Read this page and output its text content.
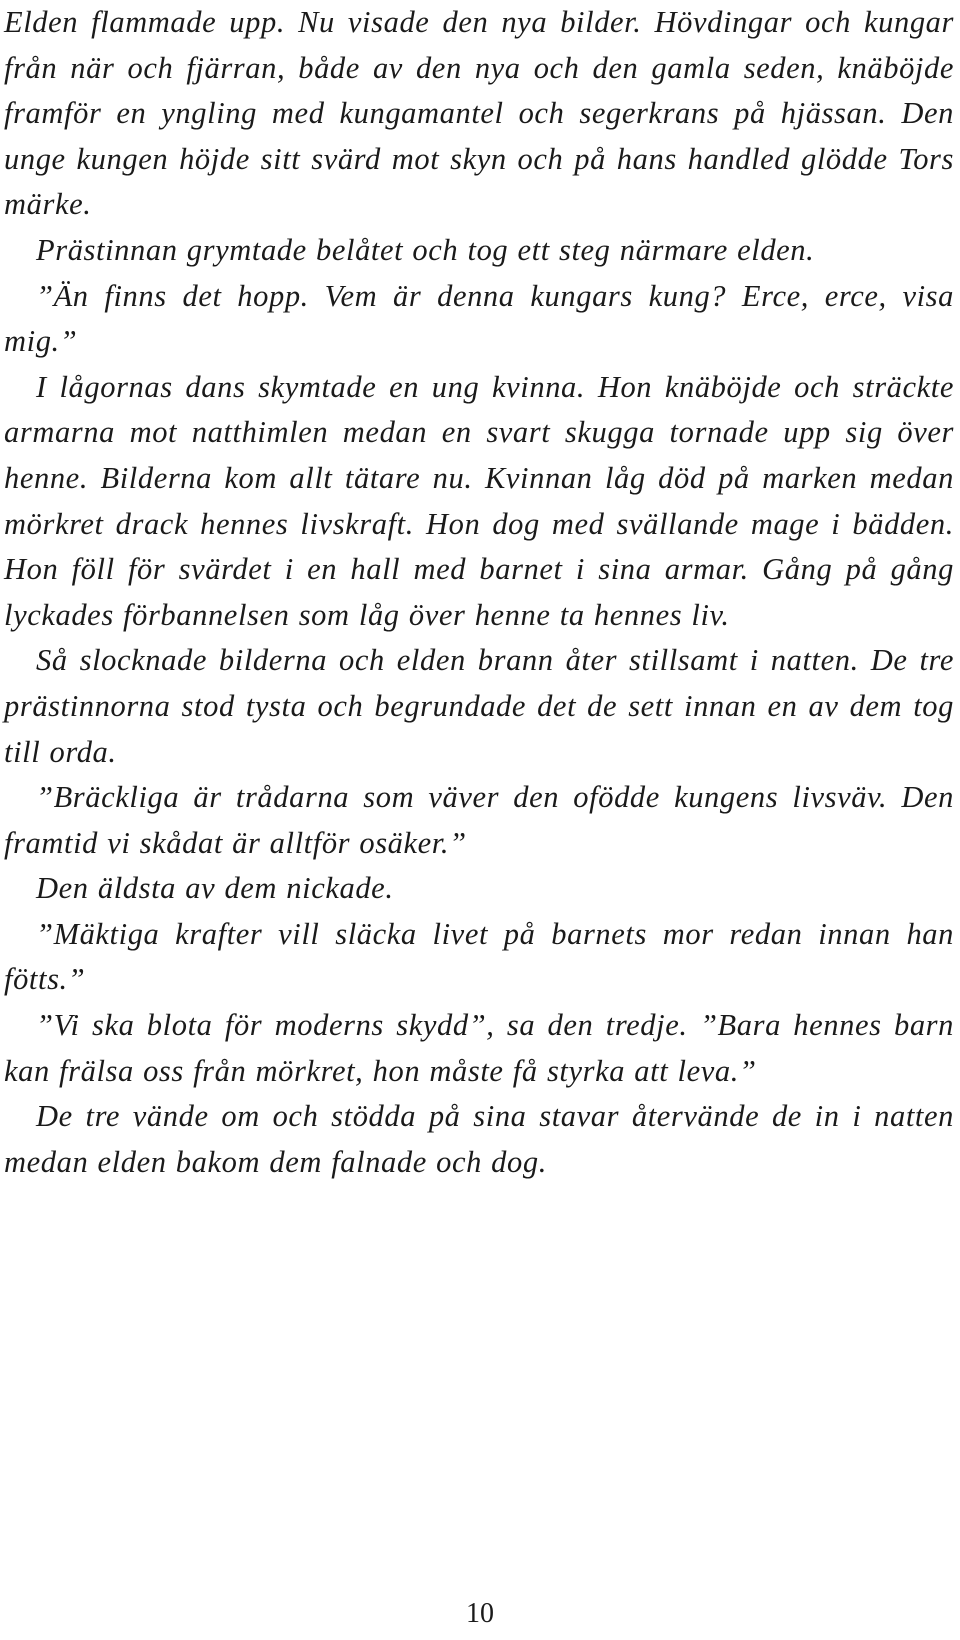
Elden flammade upp. Nu visade den nya bilder. Hövdingar och kungar från när och fjärran, både av den nya och den gamla seden, knäböjde framför en yngling med kungamantel och segerkrans på hjässan. Den unge kungen höjde sitt svärd mot skyn och på hans handled glödde Tors märke.

Prästinnan grymtade belåtet och tog ett steg närmare elden.

”Än finns det hopp. Vem är denna kungars kung? Erce, erce, visa mig.”

I lågornas dans skymtade en ung kvinna. Hon knäböjde och sträckte armarna mot natthimlen medan en svart skugga tornade upp sig över henne. Bilderna kom allt tätare nu. Kvinnan låg död på marken medan mörkret drack hennes livskraft. Hon dog med svällande mage i bädden. Hon föll för svärdet i en hall med barnet i sina armar. Gång på gång lyckades förbannelsen som låg över henne ta hennes liv.

Så slocknade bilderna och elden brann åter stillsamt i natten. De tre prästinnorna stod tysta och begrundade det de sett innan en av dem tog till orda.

”Bräckliga är trådarna som väver den ofödde kungens livsväv. Den framtid vi skådat är alltför osäker.”

Den äldsta av dem nickade.

”Mäktiga krafter vill släcka livet på barnets mor redan innan han fötts.”

”Vi ska blota för moderns skydd”, sa den tredje. ”Bara hennes barn kan frälsa oss från mörkret, hon måste få styrka att leva.”

De tre vände om och stödda på sina stavar återvände de in i natten medan elden bakom dem falnade och dog.

10
